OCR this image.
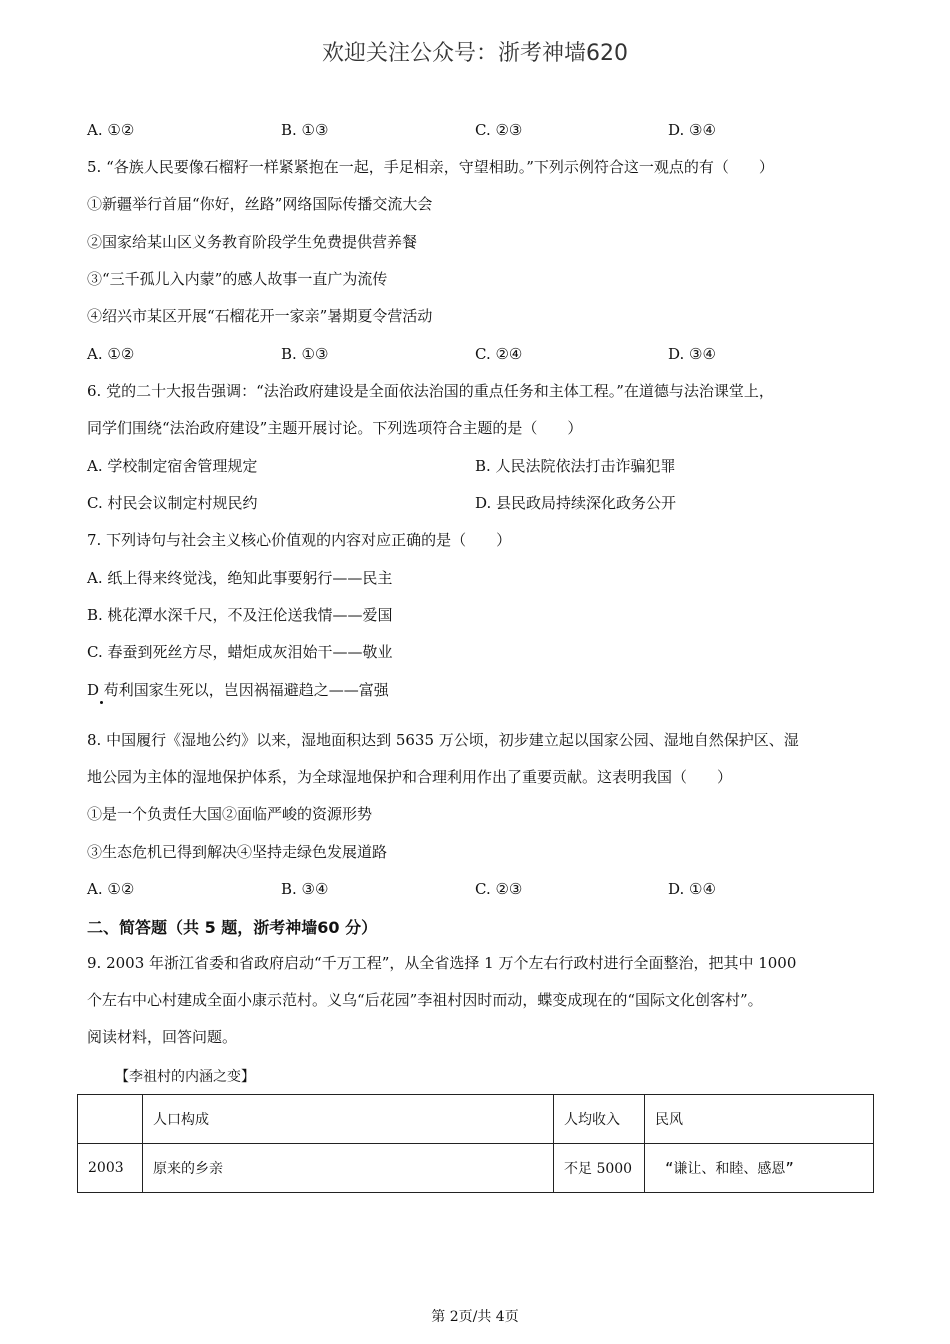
欢迎关注公众号：浙考神墙620
A. ①②	B. ①③	C. ②③	D. ③④
5. “各族人民要像石榴籽一样紧紧抱在一起，手足相亲，守望相助。”下列示例符合这一观点的有（　　）
①新疆举行首届“你好，丝路”网络国际传播交流大会
②国家给某山区义务教育阶段学生免费提供营养餐
③“三千孤儿入内蒙”的感人故事一直广为流传
④绍兴市某区开展“石榴花开一家亲”暑期夏令营活动
A. ①②	B. ①③	C. ②④	D. ③④
6. 党的二十大报告强调：“法治政府建设是全面依法治国的重点任务和主体工程。”在道德与法治课堂上，
同学们围绕“法治政府建设”主题开展讨论。下列选项符合主题的是（　　）
A. 学校制定宿舍管理规定	B. 人民法院依法打击诈骗犯罪
C. 村民会议制定村规民约	D. 县民政局持续深化政务公开
7. 下列诗句与社会主义核心价值观的内容对应正确的是（　　）
A. 纸上得来终觉浅，绝知此事要躬行——民主
B. 桃花潭水深千尺，不及汪伦送我情——爱国
C. 春蚕到死丝方尽，蜡炬成灰泪始干——敬业
D 苟利国家生死以，岂因祸福避趋之——富强
8. 中国履行《湿地公约》以来，湿地面积达到 5635 万公顷，初步建立起以国家公园、湿地自然保护区、湿
地公园为主体的湿地保护体系，为全球湿地保护和合理利用作出了重要贡献。这表明我国（　　）
①是一个负责任大国②面临严峻的资源形势
③生态危机已得到解决④坚持走绿色发展道路
A. ①②	B. ③④	C. ②③	D. ①④
二、简答题（共 5 题，浙考神墙60 分）
9. 2003 年浙江省委和省政府启动“千万工程”，从全省选择 1 万个左右行政村进行全面整治，把其中 1000
个左右中心村建成全面小康示范村。义乌“后花园”李祖村因时而动，蝶变成现在的“国际文化创客村”。
阅读材料，回答问题。
【李祖村的内涵之变】
	人口构成	人均收入	民风
2003	原来的乡亲	不足 5000	“谦让、和睦、感恩”
第 2页/共 4页
